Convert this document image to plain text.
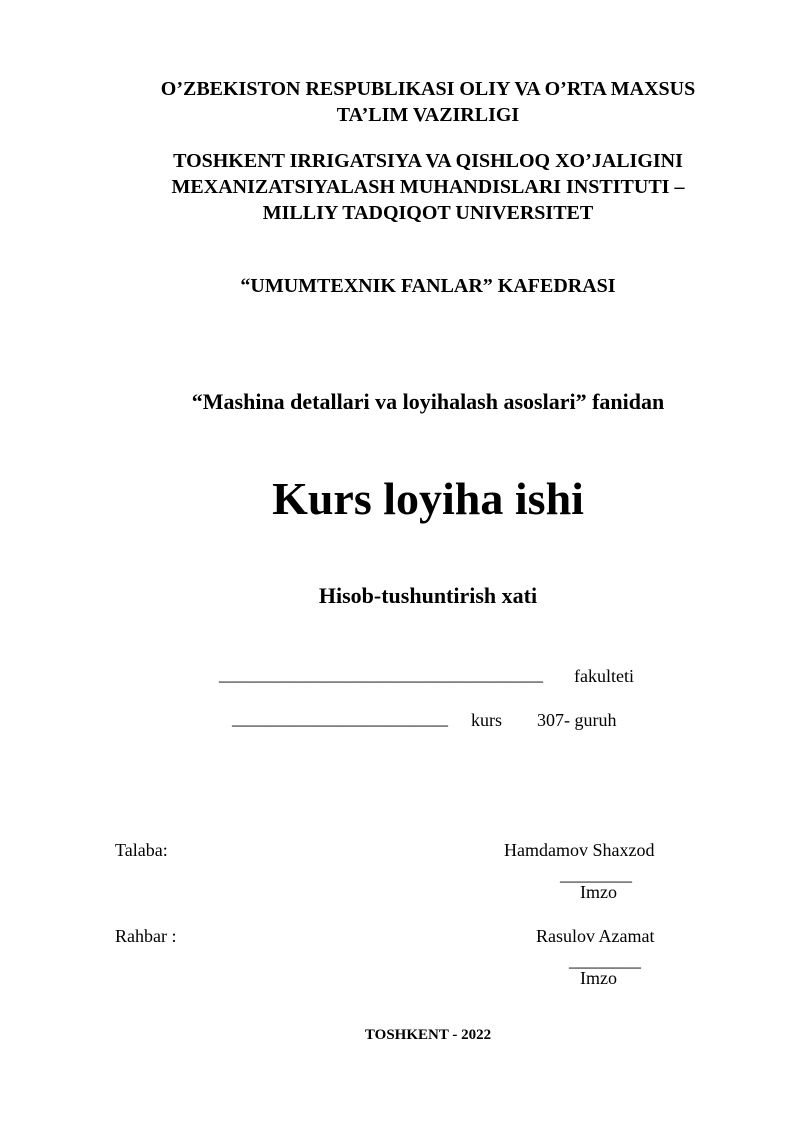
O’ZBEKISTON RESPUBLIKASI OLIY VA O’RTA MAXSUS
TA’LIM VAZIRLIGI
TOSHKENT IRRIGATSIYA VA QISHLOQ XO’JALIGINI
MEXANIZATSIYALASH MUHANDISLARI INSTITUTI –
MILLIY TADQIQOT UNIVERSITET
“UMUMTEXNIK FANLAR” KAFEDRASI
“Mashina detallari va loyihalash asoslari” fanidan
Kurs loyiha ishi
Hisob-tushuntirish xati
____________________________________ fakulteti
________________________ kurs 307- guruh
Talaba:	Hamdamov Shaxzod
________
Imzo
Rahbar :	Rasulov Azamat
________
Imzo
TOSHKENT - 2022
